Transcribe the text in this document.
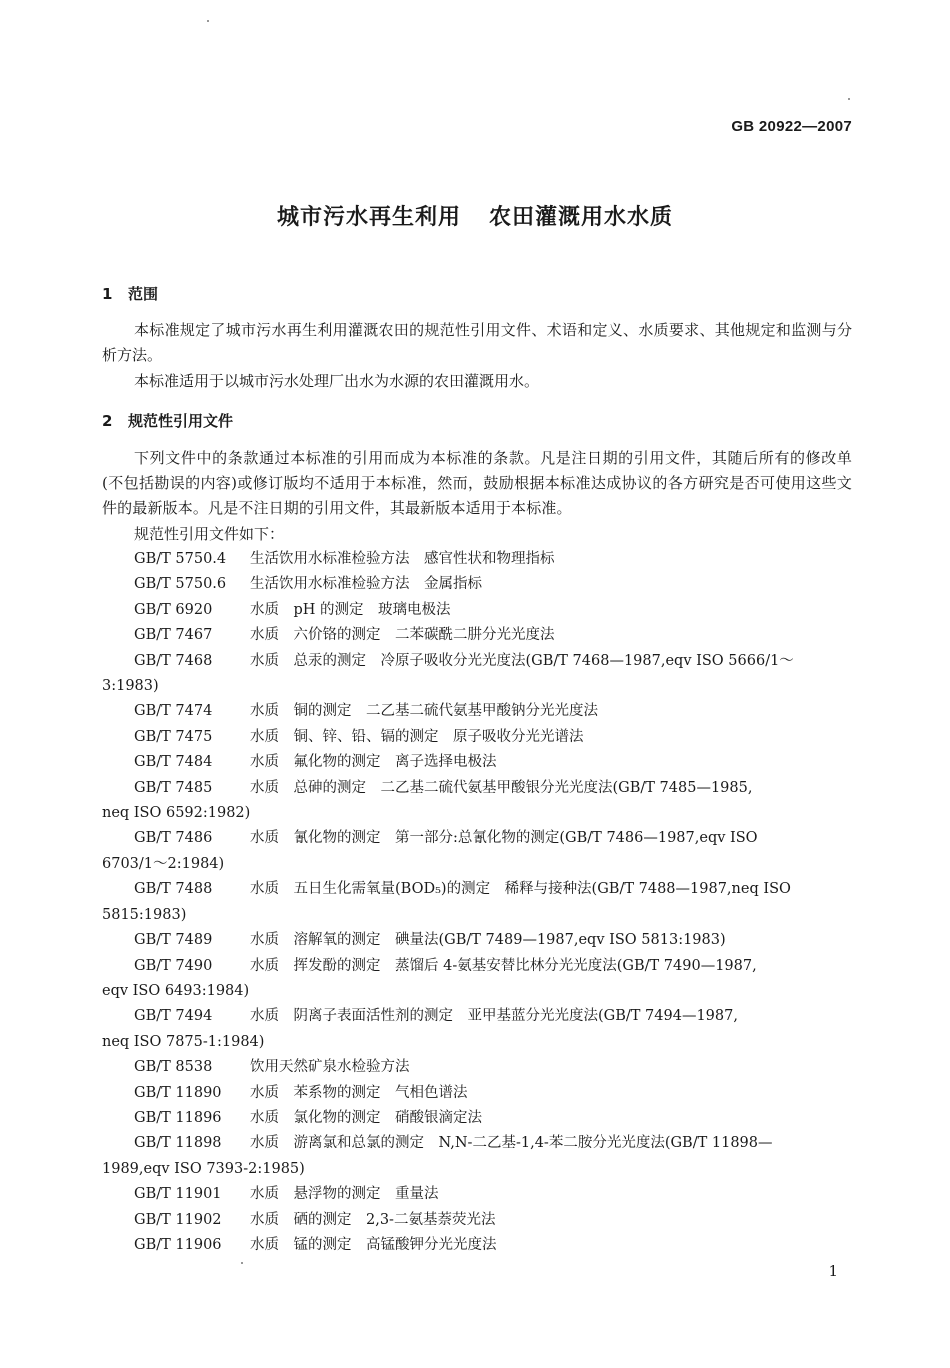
GB 20922—2007
城市污水再生利用 农田灌溉用水水质
1 范围
本标准规定了城市污水再生利用灌溉农田的规范性引用文件、术语和定义、水质要求、其他规定和监测与分析方法。
本标准适用于以城市污水处理厂出水为水源的农田灌溉用水。
2 规范性引用文件
下列文件中的条款通过本标准的引用而成为本标准的条款。凡是注日期的引用文件，其随后所有的修改单(不包括勘误的内容)或修订版均不适用于本标准，然而，鼓励根据本标准达成协议的各方研究是否可使用这些文件的最新版本。凡是不注日期的引用文件，其最新版本适用于本标准。
规范性引用文件如下：
GB/T 5750.4 生活饮用水标准检验方法　感官性状和物理指标
GB/T 5750.6 生活饮用水标准检验方法　金属指标
GB/T 6920	水质　pH 的测定　玻璃电极法
GB/T 7467	水质　六价铬的测定　二苯碳酰二肼分光光度法
GB/T 7468	水质　总汞的测定　冷原子吸收分光光度法(GB/T 7468—1987,eqv ISO 5666/1～
3:1983)
GB/T 7474	水质　铜的测定　二乙基二硫代氨基甲酸钠分光光度法
GB/T 7475	水质　铜、锌、铅、镉的测定　原子吸收分光光谱法
GB/T 7484	水质　氟化物的测定　离子选择电极法
GB/T 7485	水质　总砷的测定　二乙基二硫代氨基甲酸银分光光度法(GB/T 7485—1985,
neq ISO 6592:1982)
GB/T 7486	水质　氰化物的测定　第一部分:总氰化物的测定(GB/T 7486—1987,eqv ISO
6703/1～2:1984)
GB/T 7488	水质　五日生化需氧量(BOD₅)的测定　稀释与接种法(GB/T 7488—1987,neq ISO
5815:1983)
GB/T 7489	水质　溶解氧的测定　碘量法(GB/T 7489—1987,eqv ISO 5813:1983)
GB/T 7490	水质　挥发酚的测定　蒸馏后 4-氨基安替比林分光光度法(GB/T 7490—1987,
eqv ISO 6493:1984)
GB/T 7494	水质　阴离子表面活性剂的测定　亚甲基蓝分光光度法(GB/T 7494—1987,
neq ISO 7875-1:1984)
GB/T 8538	饮用天然矿泉水检验方法
GB/T 11890 水质　苯系物的测定　气相色谱法
GB/T 11896 水质　氯化物的测定　硝酸银滴定法
GB/T 11898 水质　游离氯和总氯的测定　N,N-二乙基-1,4-苯二胺分光光度法(GB/T 11898—
1989,eqv ISO 7393-2:1985)
GB/T 11901 水质　悬浮物的测定　重量法
GB/T 11902 水质　硒的测定　2,3-二氨基萘荧光法
GB/T 11906 水质　锰的测定　高锰酸钾分光光度法
1
